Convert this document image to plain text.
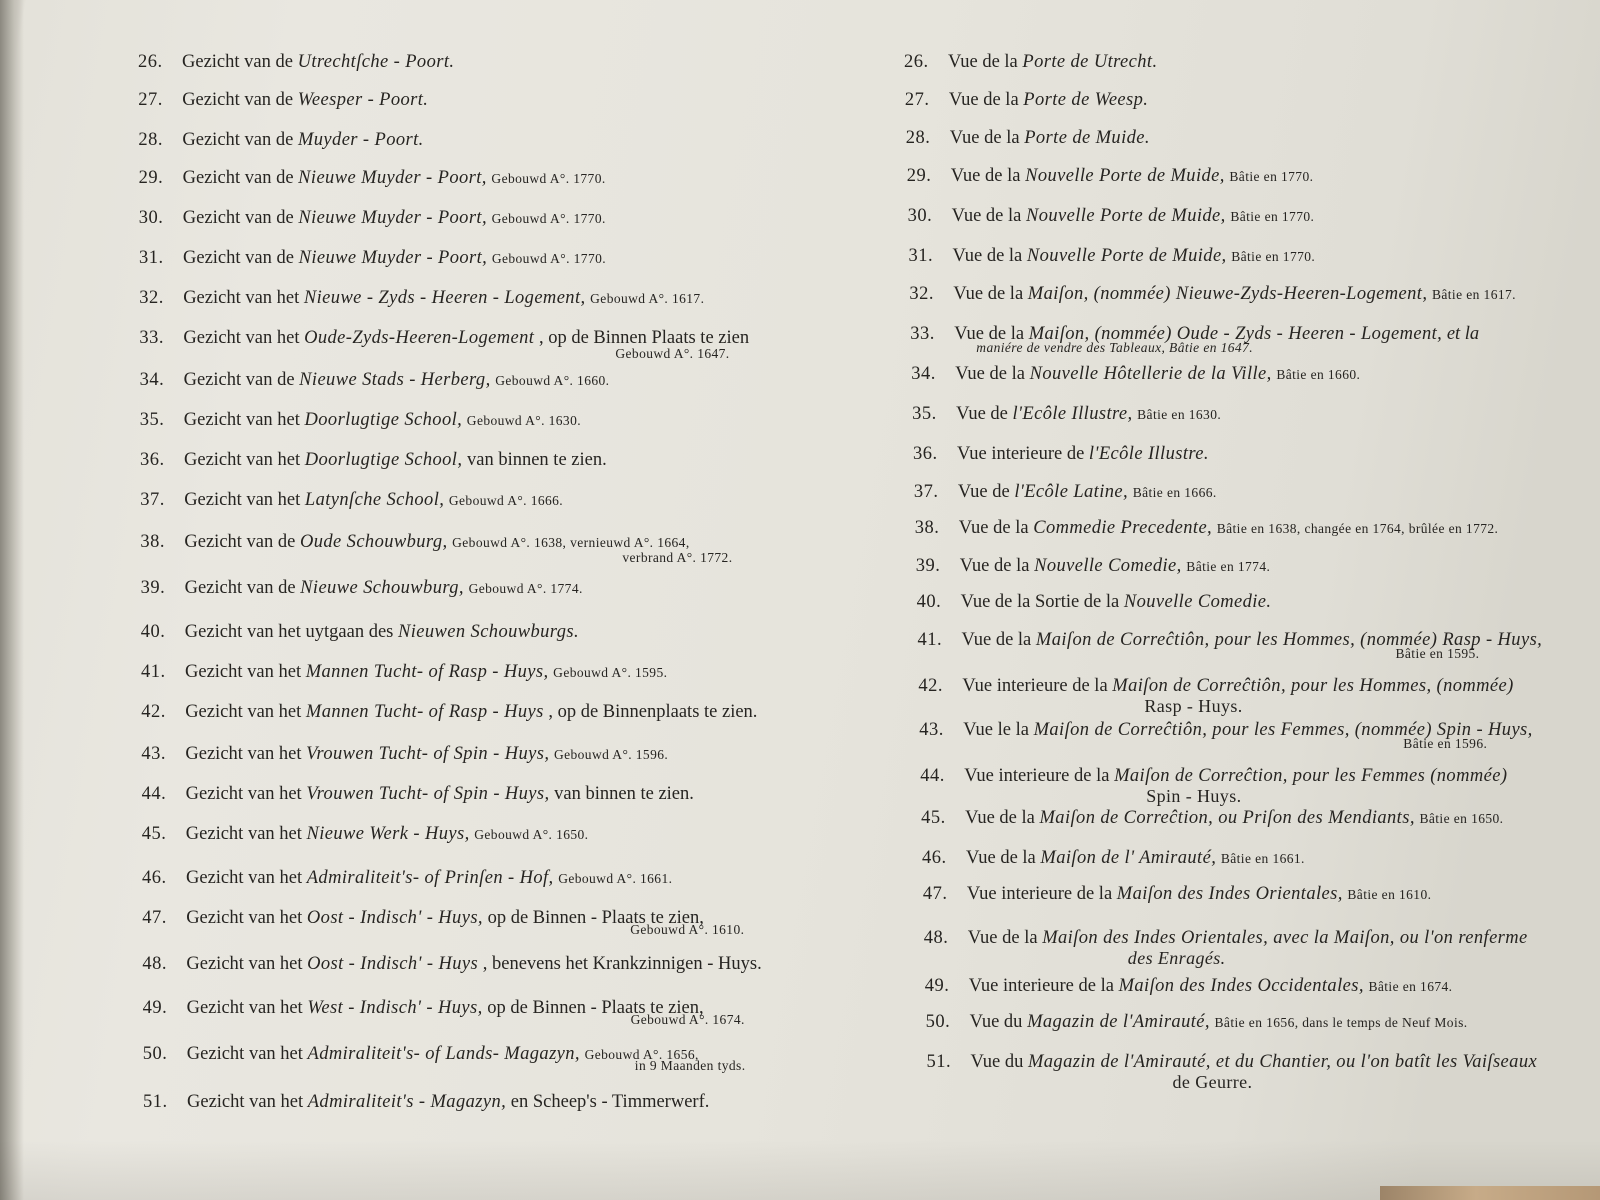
26. Gezicht van de Utrechtſche - Poort.
27. Gezicht van de Weesper - Poort.
28. Gezicht van de Muyder - Poort.
29. Gezicht van de Nieuwe Muyder - Poort, Gebouwd A°. 1770.
30. Gezicht van de Nieuwe Muyder - Poort, Gebouwd A°. 1770.
31. Gezicht van de Nieuwe Muyder - Poort, Gebouwd A°. 1770.
32. Gezicht van het Nieuwe - Zyds - Heeren - Logement, Gebouwd A°. 1617.
33. Gezicht van het Oude-Zyds-Heeren-Logement , op de Binnen Plaats te zien
Gebouwd A°. 1647.
34. Gezicht van de Nieuwe Stads - Herberg, Gebouwd A°. 1660.
35. Gezicht van het Doorlugtige School, Gebouwd A°. 1630.
36. Gezicht van het Doorlugtige School, van binnen te zien.
37. Gezicht van het Latynſche School, Gebouwd A°. 1666.
38. Gezicht van de Oude Schouwburg, Gebouwd A°. 1638, vernieuwd A°. 1664,
verbrand A°. 1772.
39. Gezicht van de Nieuwe Schouwburg, Gebouwd A°. 1774.
40. Gezicht van het uytgaan des Nieuwen Schouwburgs.
41. Gezicht van het Mannen Tucht- of Rasp - Huys, Gebouwd A°. 1595.
42. Gezicht van het Mannen Tucht- of Rasp - Huys , op de Binnenplaats te zien.
43. Gezicht van het Vrouwen Tucht- of Spin - Huys, Gebouwd A°. 1596.
44. Gezicht van het Vrouwen Tucht- of Spin - Huys, van binnen te zien.
45. Gezicht van het Nieuwe Werk - Huys, Gebouwd A°. 1650.
46. Gezicht van het Admiraliteit's- of Prinſen - Hof, Gebouwd A°. 1661.
47. Gezicht van het Oost - Indisch' - Huys, op de Binnen - Plaats te zien,
Gebouwd A°. 1610.
48. Gezicht van het Oost - Indisch' - Huys , benevens het Krankzinnigen - Huys.
49. Gezicht van het West - Indisch' - Huys, op de Binnen - Plaats te zien,
Gebouwd A°. 1674.
50. Gezicht van het Admiraliteit's- of Lands- Magazyn, Gebouwd A°. 1656,
in 9 Maanden tyds.
51. Gezicht van het Admiraliteit's - Magazyn, en Scheep's - Timmerwerf.
26. Vue de la Porte de Utrecht.
27. Vue de la Porte de Weesp.
28. Vue de la Porte de Muide.
29. Vue de la Nouvelle Porte de Muide, Bâtie en 1770.
30. Vue de la Nouvelle Porte de Muide, Bâtie en 1770.
31. Vue de la Nouvelle Porte de Muide, Bâtie en 1770.
32. Vue de la Maiſon, (nommée) Nieuwe-Zyds-Heeren-Logement, Bâtie en 1617.
33. Vue de la Maiſon, (nommée) Oude - Zyds - Heeren - Logement, et la
maniére de vendre des Tableaux, Bâtie en 1647.
34. Vue de la Nouvelle Hôtellerie de la Ville, Bâtie en 1660.
35. Vue de l'Ecôle Illustre, Bâtie en 1630.
36. Vue interieure de l'Ecôle Illustre.
37. Vue de l'Ecôle Latine, Bâtie en 1666.
38. Vue de la Commedie Precedente, Bâtie en 1638, changée en 1764, brûlée en 1772.
39. Vue de la Nouvelle Comedie, Bâtie en 1774.
40. Vue de la Sortie de la Nouvelle Comedie.
41. Vue de la Maiſon de Correĉtiôn, pour les Hommes, (nommée) Rasp - Huys,
Bâtie en 1595.
42. Vue interieure de la Maiſon de Correĉtiôn, pour les Hommes, (nommée)
Rasp - Huys.
43. Vue le la Maiſon de Correĉtiôn, pour les Femmes, (nommée) Spin - Huys,
Bâtie en 1596.
44. Vue interieure de la Maiſon de Correĉtion, pour les Femmes (nommée)
Spin - Huys.
45. Vue de la Maiſon de Correĉtion, ou Priſon des Mendiants, Bâtie en 1650.
46. Vue de la Maiſon de l' Amirauté, Bâtie en 1661.
47. Vue interieure de la Maiſon des Indes Orientales, Bâtie en 1610.
48. Vue de la Maiſon des Indes Orientales, avec la Maiſon, ou l'on renferme
des Enragés.
49. Vue interieure de la Maiſon des Indes Occidentales, Bâtie en 1674.
50. Vue du Magazin de l'Amirauté, Bâtie en 1656, dans le temps de Neuf Mois.
51. Vue du Magazin de l'Amirauté, et du Chantier, ou l'on batît les Vaiſseaux
de Geurre.
